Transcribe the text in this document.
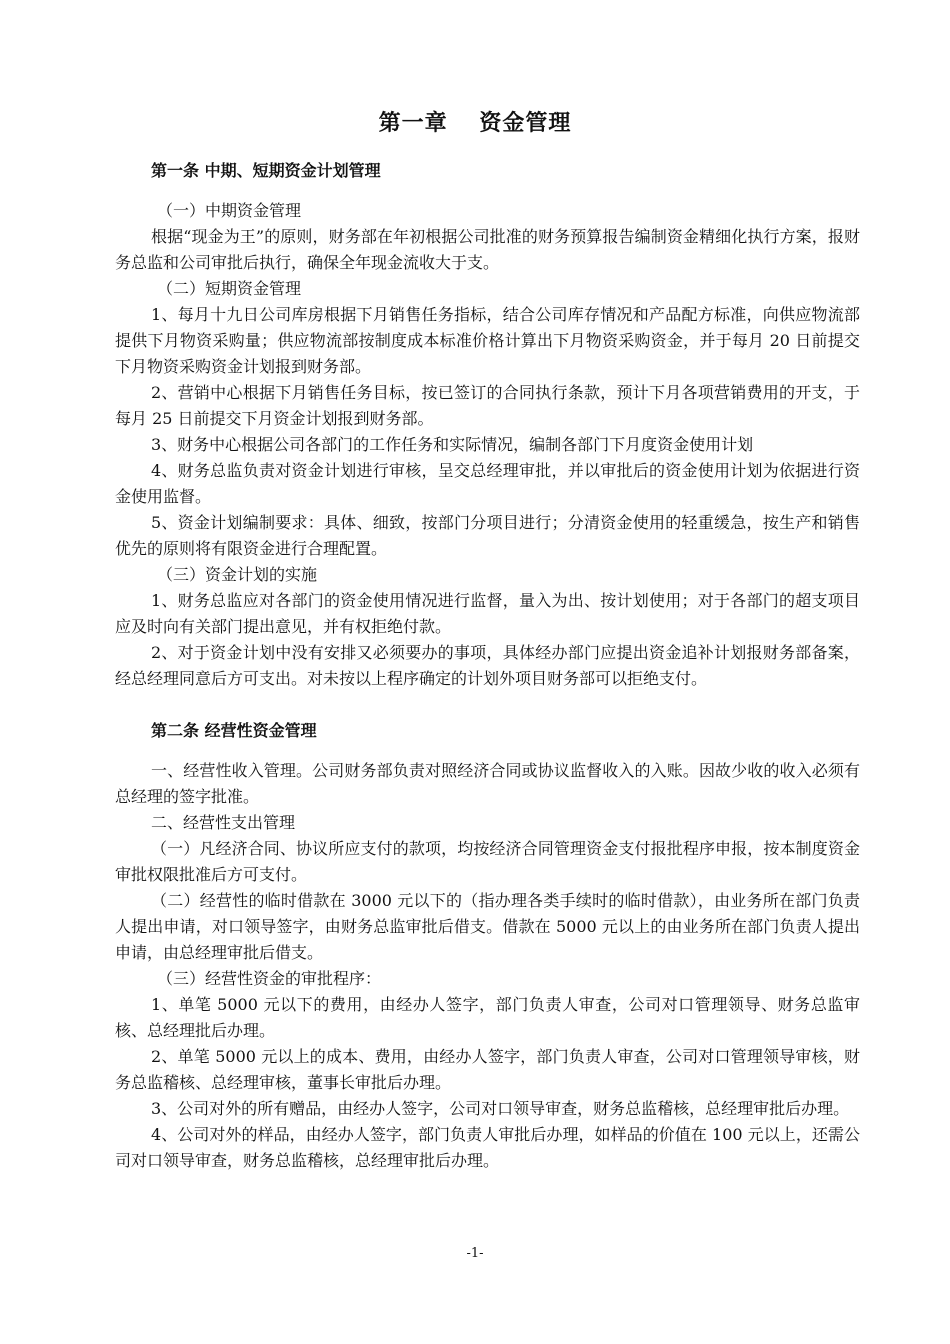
第一章　 资金管理

第一条 中期、短期资金计划管理

（一）中期资金管理

根据“现金为王”的原则，财务部在年初根据公司批准的财务预算报告编制资金精细化执行方案，报财务总监和公司审批后执行，确保全年现金流收大于支。

（二）短期资金管理

1、每月十九日公司库房根据下月销售任务指标，结合公司库存情况和产品配方标准，向供应物流部提供下月物资采购量；供应物流部按制度成本标准价格计算出下月物资采购资金，并于每月 20 日前提交下月物资采购资金计划报到财务部。

2、营销中心根据下月销售任务目标，按已签订的合同执行条款，预计下月各项营销费用的开支，于每月 25 日前提交下月资金计划报到财务部。

3、财务中心根据公司各部门的工作任务和实际情况，编制各部门下月度资金使用计划

4、财务总监负责对资金计划进行审核，呈交总经理审批，并以审批后的资金使用计划为依据进行资金使用监督。

5、资金计划编制要求：具体、细致，按部门分项目进行；分清资金使用的轻重缓急，按生产和销售优先的原则将有限资金进行合理配置。

（三）资金计划的实施

1、财务总监应对各部门的资金使用情况进行监督，量入为出、按计划使用；对于各部门的超支项目应及时向有关部门提出意见，并有权拒绝付款。

2、对于资金计划中没有安排又必须要办的事项，具体经办部门应提出资金追补计划报财务部备案，经总经理同意后方可支出。对未按以上程序确定的计划外项目财务部可以拒绝支付。

第二条 经营性资金管理

一、经营性收入管理。公司财务部负责对照经济合同或协议监督收入的入账。因故少收的收入必须有总经理的签字批准。

二、经营性支出管理

（一）凡经济合同、协议所应支付的款项，均按经济合同管理资金支付报批程序申报，按本制度资金审批权限批准后方可支付。

（二）经营性的临时借款在 3000 元以下的（指办理各类手续时的临时借款），由业务所在部门负责人提出申请，对口领导签字，由财务总监审批后借支。借款在 5000 元以上的由业务所在部门负责人提出申请，由总经理审批后借支。

（三）经营性资金的审批程序：

1、单笔 5000 元以下的费用，由经办人签字，部门负责人审查，公司对口管理领导、财务总监审核、总经理批后办理。

2、单笔 5000 元以上的成本、费用，由经办人签字，部门负责人审查，公司对口管理领导审核，财务总监稽核、总经理审核，董事长审批后办理。

3、公司对外的所有赠品，由经办人签字，公司对口领导审查，财务总监稽核，总经理审批后办理。

4、公司对外的样品，由经办人签字，部门负责人审批后办理，如样品的价值在 100 元以上，还需公司对口领导审查，财务总监稽核，总经理审批后办理。

-1-
